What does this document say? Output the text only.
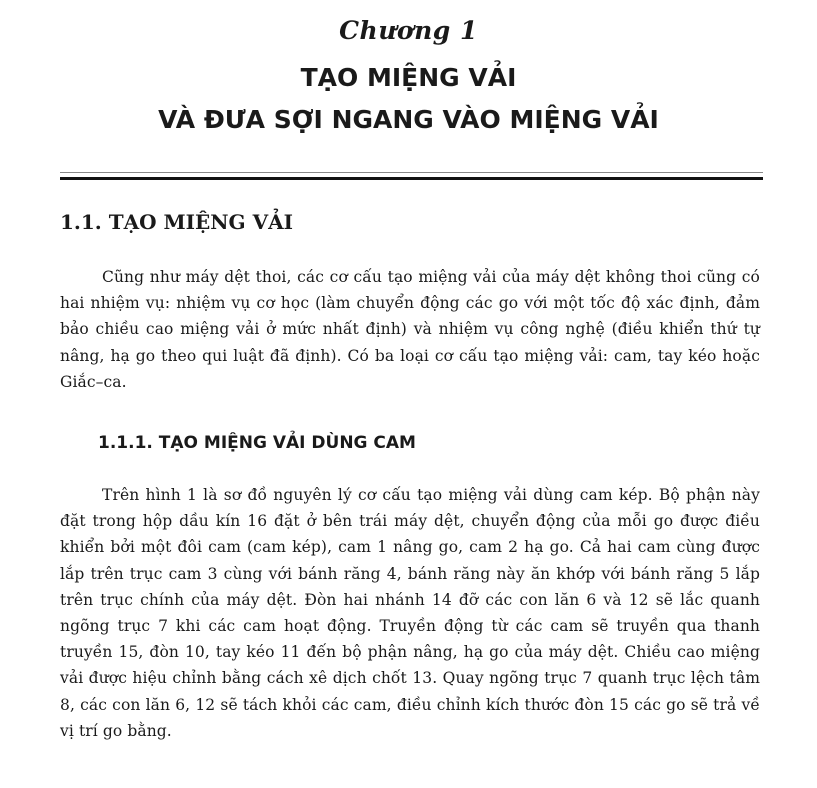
Chương 1
TẠO MIỆNG VẢI
VÀ ĐƯA SỢI NGANG VÀO MIỆNG VẢI
1.1. TẠO MIỆNG VẢI

Cũng như máy dệt thoi, các cơ cấu tạo miệng vải của máy dệt không thoi cũng có hai nhiệm vụ: nhiệm vụ cơ học (làm chuyển động các go với một tốc độ xác định, đảm bảo chiều cao miệng vải ở mức nhất định) và nhiệm vụ công nghệ (điều khiển thứ tự nâng, hạ go theo qui luật đã định). Có ba loại cơ cấu tạo miệng vải: cam, tay kéo hoặc Giắc–ca.

1.1.1. TẠO MIỆNG VẢI DÙNG CAM

Trên hình 1 là sơ đồ nguyên lý cơ cấu tạo miệng vải dùng cam kép. Bộ phận này đặt trong hộp dầu kín 16 đặt ở bên trái máy dệt, chuyển động của mỗi go được điều khiển bởi một đôi cam (cam kép), cam 1 nâng go, cam 2 hạ go. Cả hai cam cùng được lắp trên trục cam 3 cùng với bánh răng 4, bánh răng này ăn khớp với bánh răng 5 lắp trên trục chính của máy dệt. Đòn hai nhánh 14 đỡ các con lăn 6 và 12 sẽ lắc quanh ngõng trục 7 khi các cam hoạt động. Truyền động từ các cam sẽ truyền qua thanh truyền 15, đòn 10, tay kéo 11 đến bộ phận nâng, hạ go của máy dệt. Chiều cao miệng vải được hiệu chỉnh bằng cách xê dịch chốt 13. Quay ngõng trục 7 quanh trục lệch tâm 8, các con lăn 6, 12 sẽ tách khỏi các cam, điều chỉnh kích thước đòn 15 các go sẽ trả về vị trí go bằng.
